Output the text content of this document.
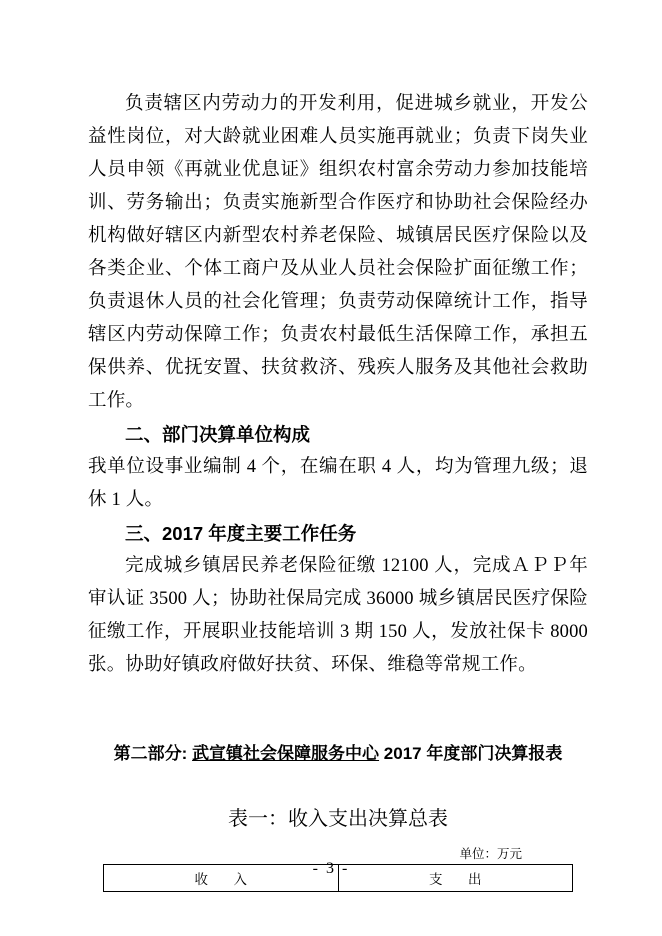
负责辖区内劳动力的开发利用，促进城乡就业，开发公益性岗位，对大龄就业困难人员实施再就业；负责下岗失业人员申领《再就业优息证》组织农村富余劳动力参加技能培训、劳务输出；负责实施新型合作医疗和协助社会保险经办机构做好辖区内新型农村养老保险、城镇居民医疗保险以及各类企业、个体工商户及从业人员社会保险扩面征缴工作；负责退休人员的社会化管理；负责劳动保障统计工作，指导辖区内劳动保障工作；负责农村最低生活保障工作，承担五保供养、优抚安置、扶贫救济、残疾人服务及其他社会救助工作。

二、部门决算单位构成

我单位设事业编制 4 个，在编在职 4 人，均为管理九级；退休 1 人。

三、2017 年度主要工作任务

完成城乡镇居民养老保险征缴 12100 人，完成ＡＰＰ年审认证 3500 人；协助社保局完成 36000 城乡镇居民医疗保险征缴工作，开展职业技能培训 3 期 150 人，发放社保卡 8000 张。协助好镇政府做好扶贫、环保、维稳等常规工作。

第二部分: 武宣镇社会保障服务中心 2017 年度部门决算报表

表一：收入支出决算总表

单位：万元

收　入	支　出
- 3 -
